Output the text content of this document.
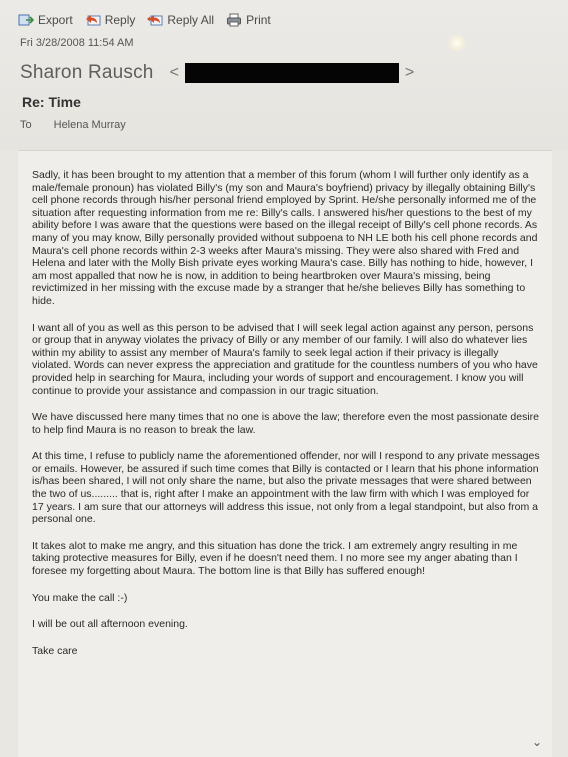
Export	Reply	Reply All	Print
Fri 3/28/2008 11:54 AM
Sharon Rausch <	>
Re: Time
To Helena Murray

Sadly, it has been brought to my attention that a member of this forum (whom I will further only identify as a male/female pronoun) has violated Billy's (my son and Maura's boyfriend) privacy by illegally obtaining Billy's cell phone records through his/her personal friend employed by Sprint. He/she personally informed me of the situation after requesting information from me re: Billy's calls. I answered his/her questions to the best of my ability before I was aware that the questions were based on the illegal receipt of Billy's cell phone records. As many of you may know, Billy personally provided without subpoena to NH LE both his cell phone records and Maura's cell phone records within 2-3 weeks after Maura's missing. They were also shared with Fred and Helena and later with the Molly Bish private eyes working Maura's case. Billy has nothing to hide, however, I am most appalled that now he is now, in addition to being heartbroken over Maura's missing, being revictimized in her missing with the excuse made by a stranger that he/she believes Billy has something to hide.

I want all of you as well as this person to be advised that I will seek legal action against any person, persons or group that in anyway violates the privacy of Billy or any member of our family. I will also do whatever lies within my ability to assist any member of Maura's family to seek legal action if their privacy is illegally violated. Words can never express the appreciation and gratitude for the countless numbers of you who have provided help in searching for Maura, including your words of support and encouragement. I know you will continue to provide your assistance and compassion in our tragic situation.

We have discussed here many times that no one is above the law; therefore even the most passionate desire to help find Maura is no reason to break the law.

At this time, I refuse to publicly name the aforementioned offender, nor will I respond to any private messages or emails. However, be assured if such time comes that Billy is contacted or I learn that his phone information is/has been shared, I will not only share the name, but also the private messages that were shared between the two of us......... that is, right after I make an appointment with the law firm with which I was employed for 17 years. I am sure that our attorneys will address this issue, not only from a legal standpoint, but also from a personal one.

It takes alot to make me angry, and this situation has done the trick. I am extremely angry resulting in me taking protective measures for Billy, even if he doesn't need them. I no more see my anger abating than I foresee my forgetting about Maura. The bottom line is that Billy has suffered enough!

You make the call :-)

I will be out all afternoon evening.

Take care

⌄
